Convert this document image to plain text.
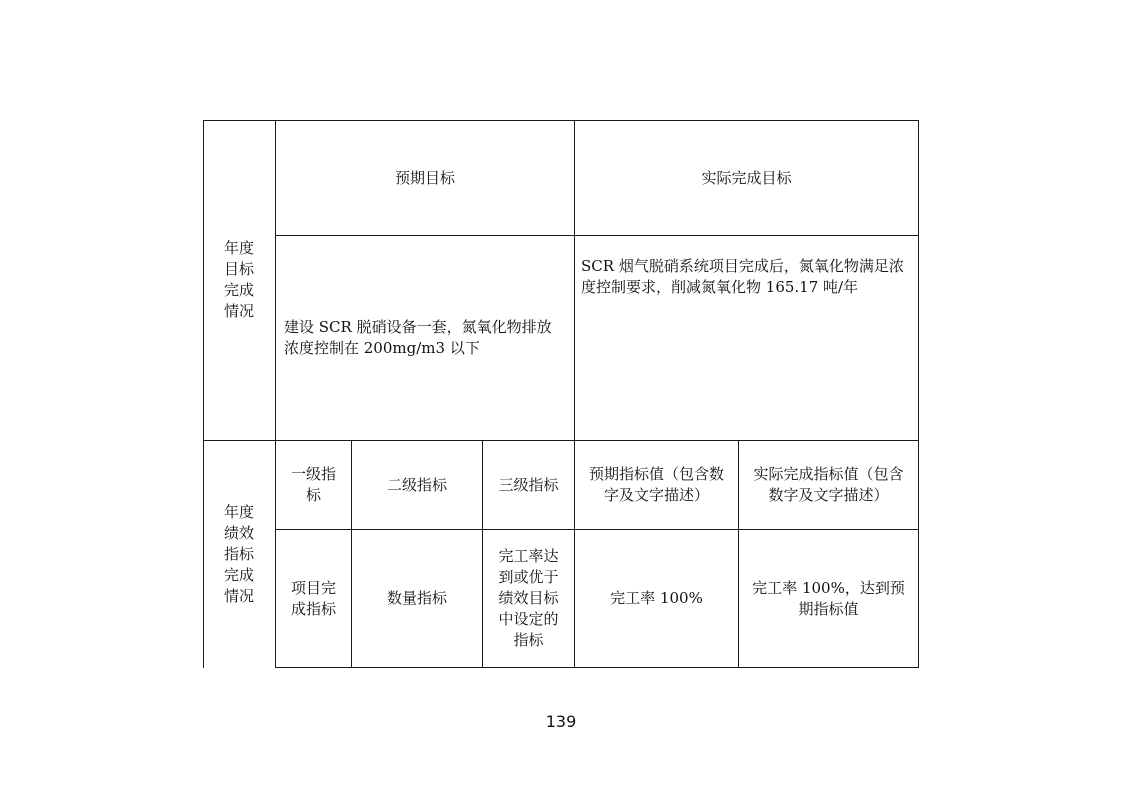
年度目标完成情况
预期目标	实际完成目标
建设 SCR 脱硝设备一套，氮氧化物排放浓度控制在 200mg/m3 以下
SCR 烟气脱硝系统项目完成后，氮氧化物满足浓度控制要求，削减氮氧化物 165.17 吨/年
年度绩效指标完成情况
一级指标
二级指标	三级指标
预期指标值（包含数字及文字描述）
实际完成指标值（包含数字及文字描述）
项目完成指标
数量指标
完工率达到或优于绩效目标中设定的指标
完工率 100%
完工率 100%，达到预期指标值
139
